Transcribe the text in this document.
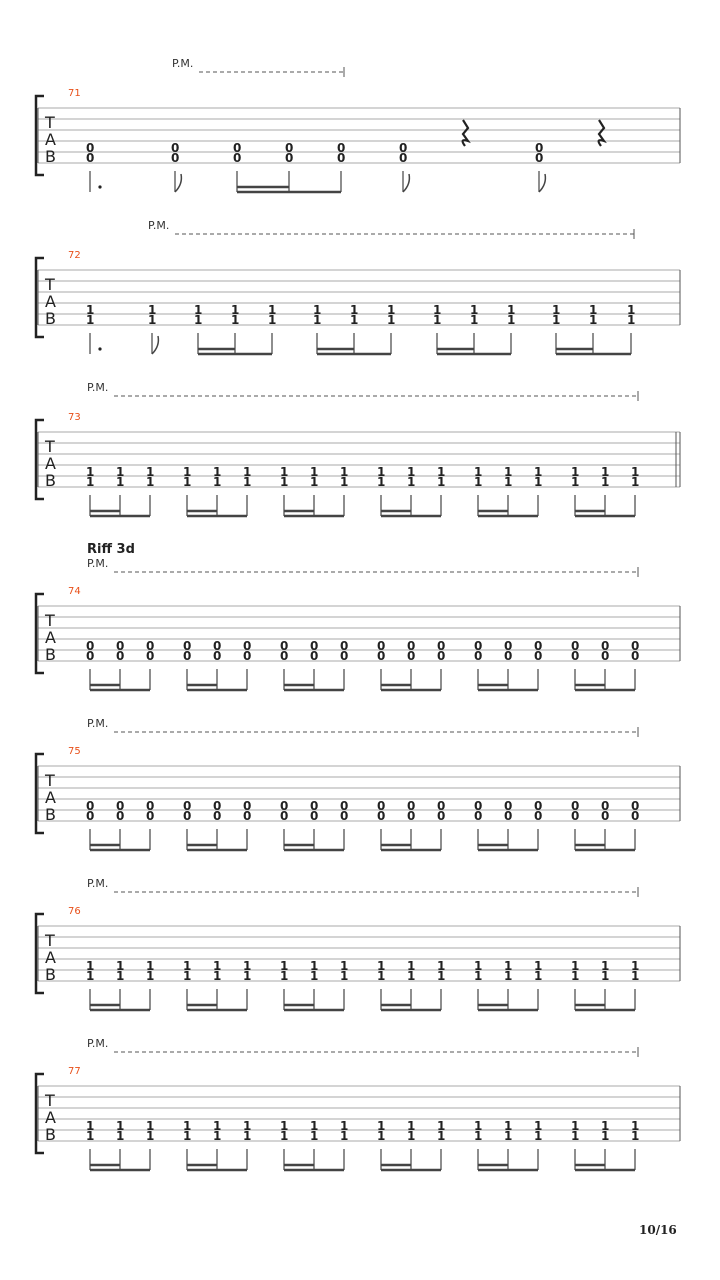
P.M.
71
T
A
B	0
0
0
0
0
0
0
0
0
0
0
0
0
0
P.M.
72
T
A
B	1
1
1
1
1
1
1
1
1
1
1
1
1
1
1
1
1
1
1
1
1
1
1
1
1
1
1
1
P.M.
73
T
A
B	1
1
1
1
1
1
1
1
1
1
1
1
1
1
1
1
1
1
1
1
1
1
1
1
1
1
1
1
1
1
1
1
1
1
1
1
P.M.
Riff 3d
74
T
A
B	0
0
0
0
0
0
0
0
0
0
0
0
0
0
0
0
0
0
0
0
0
0
0
0
0
0
0
0
0
0
0
0
0
0
0
0
P.M.
75
T
A
B	0
0
0
0
0
0
0
0
0
0
0
0
0
0
0
0
0
0
0
0
0
0
0
0
0
0
0
0
0
0
0
0
0
0
0
0
P.M.
76
T
A
B	1
1
1
1
1
1
1
1
1
1
1
1
1
1
1
1
1
1
1
1
1
1
1
1
1
1
1
1
1
1
1
1
1
1
1
1
P.M.
77
T
A
B	1
1
1
1
1
1
1
1
1
1
1
1
1
1
1
1
1
1
1
1
1
1
1
1
1
1
1
1
1
1
1
1
1
1
1
1
10/16
